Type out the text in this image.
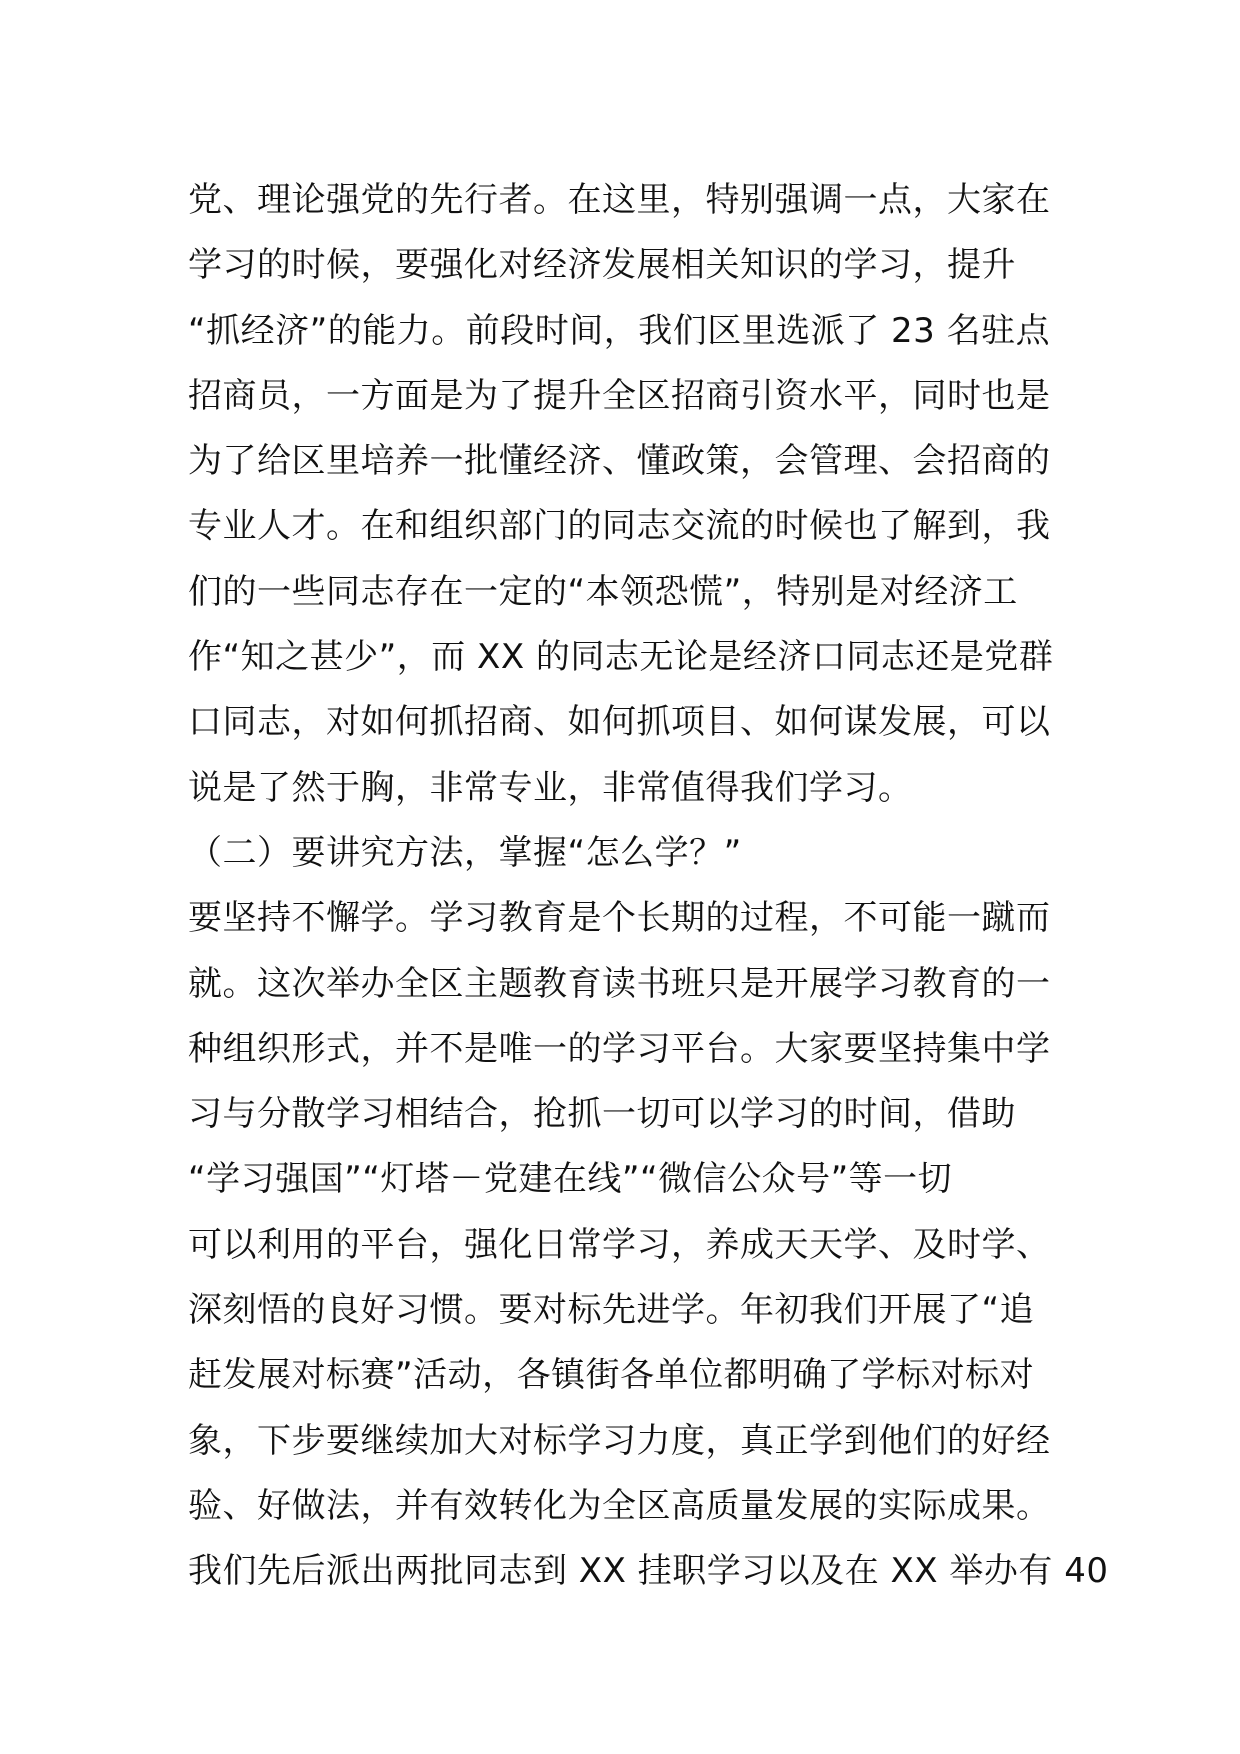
党、理论强党的先行者。在这里，特别强调一点，大家在
学习的时候，要强化对经济发展相关知识的学习，提升
“抓经济”的能力。前段时间，我们区里选派了 23 名驻点
招商员，一方面是为了提升全区招商引资水平，同时也是
为了给区里培养一批懂经济、懂政策，会管理、会招商的
专业人才。在和组织部门的同志交流的时候也了解到，我
们的一些同志存在一定的“本领恐慌”，特别是对经济工
作“知之甚少”，而 XX 的同志无论是经济口同志还是党群
口同志，对如何抓招商、如何抓项目、如何谋发展，可以
说是了然于胸，非常专业，非常值得我们学习。
（二）要讲究方法，掌握“怎么学？”
要坚持不懈学。学习教育是个长期的过程，不可能一蹴而
就。这次举办全区主题教育读书班只是开展学习教育的一
种组织形式，并不是唯一的学习平台。大家要坚持集中学
习与分散学习相结合，抢抓一切可以学习的时间，借助
“学习强国”“灯塔－党建在线”“微信公众号”等一切
可以利用的平台，强化日常学习，养成天天学、及时学、
深刻悟的良好习惯。要对标先进学。年初我们开展了“追
赶发展对标赛”活动，各镇街各单位都明确了学标对标对
象，下步要继续加大对标学习力度，真正学到他们的好经
验、好做法，并有效转化为全区高质量发展的实际成果。
我们先后派出两批同志到 XX 挂职学习以及在 XX 举办有 40
